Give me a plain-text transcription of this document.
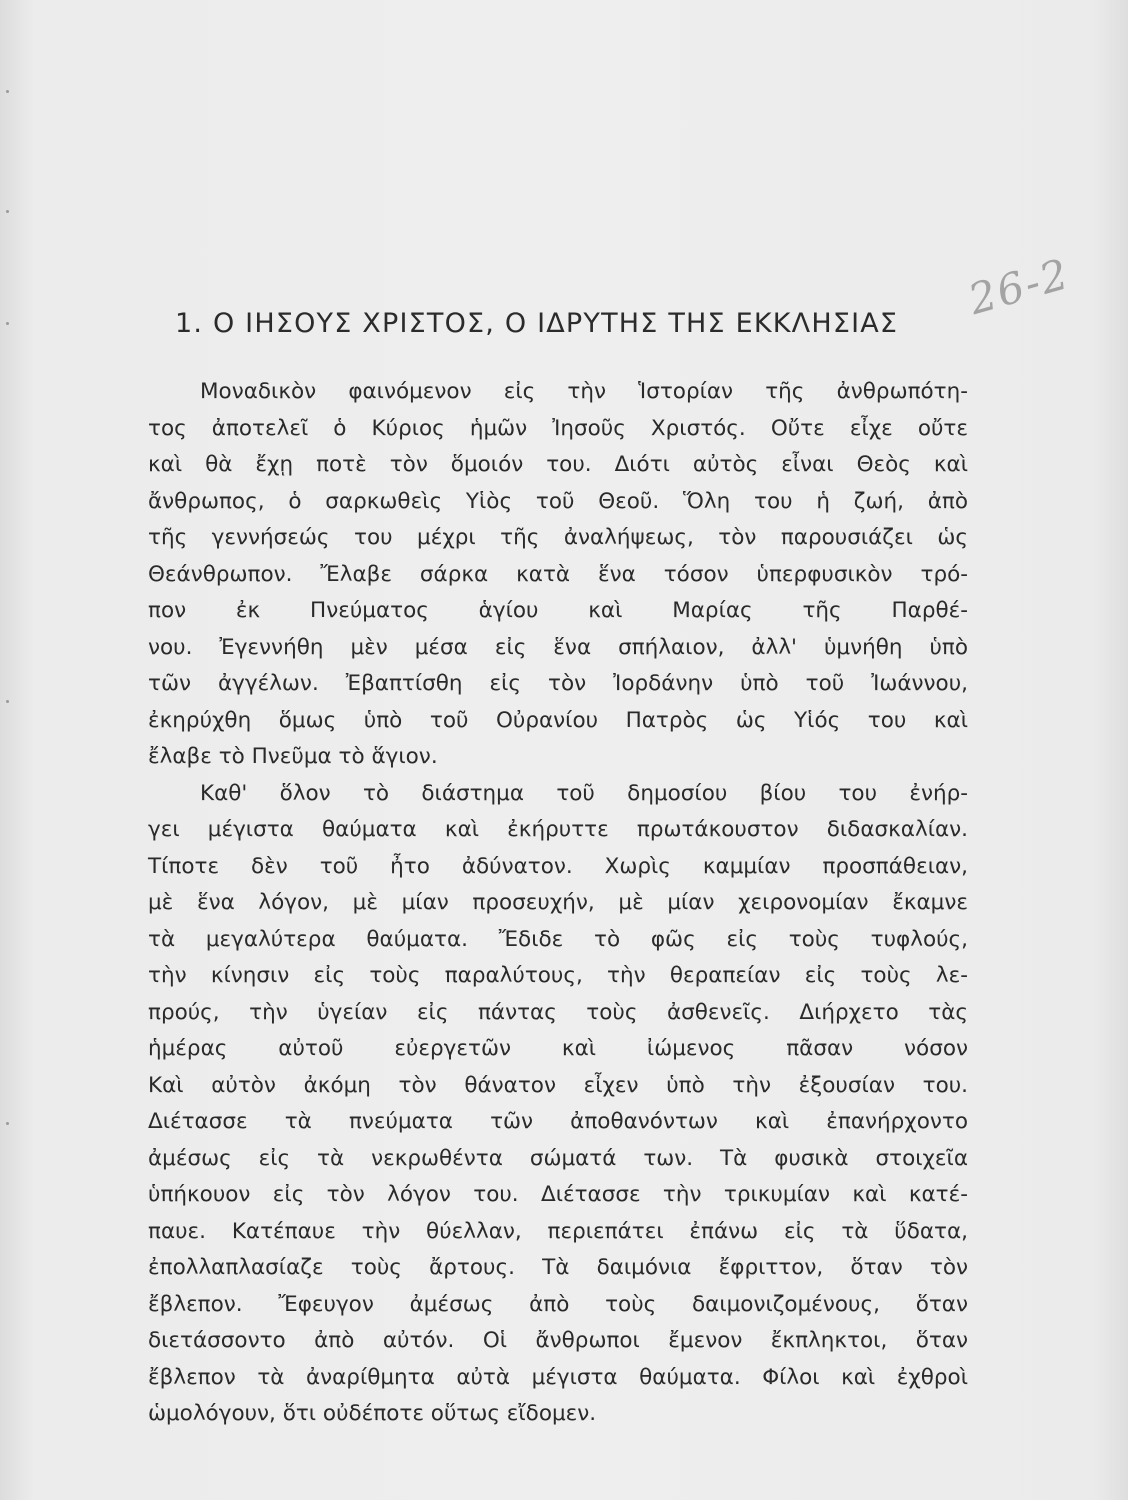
1. Ο ΙΗΣΟΥΣ ΧΡΙΣΤΟΣ, Ο ΙΔΡΥΤΗΣ ΤΗΣ ΕΚΚΛΗΣΙΑΣ	26-2
Μοναδικὸν φαινόμενον εἰς τὴν Ἱστορίαν τῆς ἀνθρωπότη-
τος ἀποτελεῖ ὁ Κύριος ἡμῶν Ἰησοῦς Χριστός. Οὔτε εἶχε οὔτε
καὶ θὰ ἔχῃ ποτὲ τὸν ὅμοιόν του. Διότι αὐτὸς εἶναι Θεὸς καὶ
ἄνθρωπος, ὁ σαρκωθεὶς Υἱὸς τοῦ Θεοῦ. Ὅλη του ἡ ζωή, ἀπὸ
τῆς γεννήσεώς του μέχρι τῆς ἀναλήψεως, τὸν παρουσιάζει ὡς
Θεάνθρωπον. Ἔλαβε σάρκα κατὰ ἕνα τόσον ὑπερφυσικὸν τρό-
πον ἐκ Πνεύματος ἁγίου καὶ Μαρίας τῆς Παρθέ-
νου. Ἐγεννήθη μὲν μέσα εἰς ἕνα σπήλαιον, ἀλλ' ὑμνήθη ὑπὸ
τῶν ἀγγέλων. Ἐβαπτίσθη εἰς τὸν Ἰορδάνην ὑπὸ τοῦ Ἰωάννου,
ἐκηρύχθη ὅμως ὑπὸ τοῦ Οὐρανίου Πατρὸς ὡς Υἱός του καὶ
ἔλαβε τὸ Πνεῦμα τὸ ἅγιον.
Καθ' ὅλον τὸ διάστημα τοῦ δημοσίου βίου του ἐνήρ-
γει μέγιστα θαύματα καὶ ἐκήρυττε πρωτάκουστον διδασκαλίαν.
Τίποτε δὲν τοῦ ἦτο ἀδύνατον. Χωρὶς καμμίαν προσπάθειαν,
μὲ ἕνα λόγον, μὲ μίαν προσευχήν, μὲ μίαν χειρονομίαν ἔκαμνε
τὰ μεγαλύτερα θαύματα. Ἔδιδε τὸ φῶς εἰς τοὺς τυφλούς,
τὴν κίνησιν εἰς τοὺς παραλύτους, τὴν θεραπείαν εἰς τοὺς λε-
προύς, τὴν ὑγείαν εἰς πάντας τοὺς ἀσθενεῖς. Διήρχετο τὰς
ἡμέρας αὐτοῦ εὐεργετῶν καὶ ἰώμενος πᾶσαν νόσον
Καὶ αὐτὸν ἀκόμη τὸν θάνατον εἶχεν ὑπὸ τὴν ἐξουσίαν του.
Διέτασσε τὰ πνεύματα τῶν ἀποθανόντων καὶ ἐπανήρχοντο
ἀμέσως εἰς τὰ νεκρωθέντα σώματά των. Τὰ φυσικὰ στοιχεῖα
ὑπήκουον εἰς τὸν λόγον του. Διέτασσε τὴν τρικυμίαν καὶ κατέ-
παυε. Κατέπαυε τὴν θύελλαν, περιεπάτει ἐπάνω εἰς τὰ ὕδατα,
ἐπολλαπλασίαζε τοὺς ἄρτους. Τὰ δαιμόνια ἔφριττον, ὅταν τὸν
ἔβλεπον. Ἔφευγον ἀμέσως ἀπὸ τοὺς δαιμονιζομένους, ὅταν
διετάσσοντο ἀπὸ αὐτόν. Οἱ ἄνθρωποι ἔμενον ἔκπληκτοι, ὅταν
ἔβλεπον τὰ ἀναρίθμητα αὐτὰ μέγιστα θαύματα. Φίλοι καὶ ἐχθροὶ
ὡμολόγουν, ὅτι οὐδέποτε οὕτως εἴδομεν.
